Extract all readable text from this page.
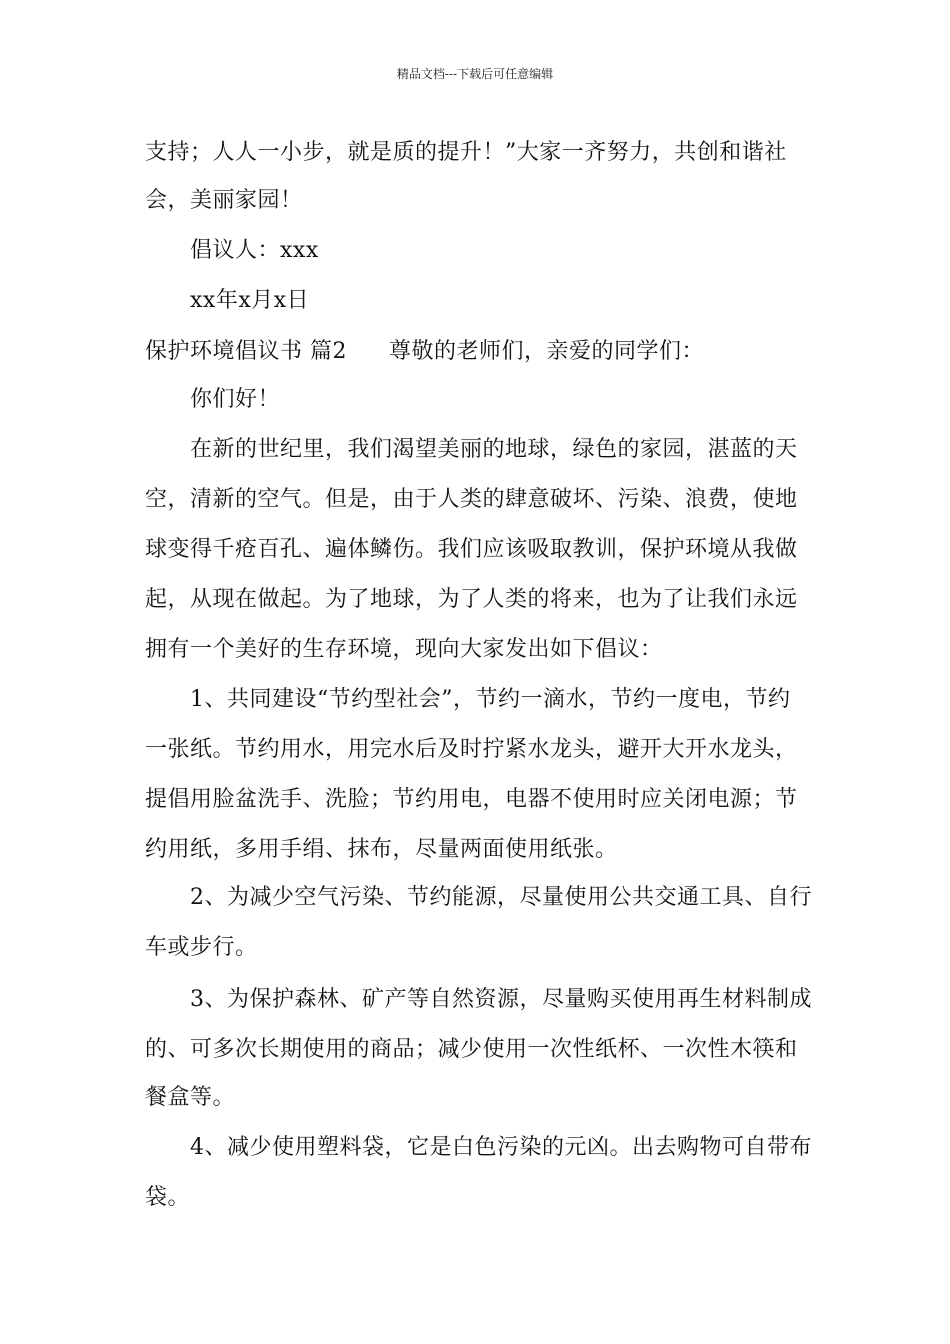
精品文档---下载后可任意编辑
支持；人人一小步，就是质的提升！”大家一齐努力，共创和谐社
会，美丽家园！
倡议人：xxx
xx年x月x日
保护环境倡议书 篇2 尊敬的老师们，亲爱的同学们：
你们好！
在新的世纪里，我们渴望美丽的地球，绿色的家园，湛蓝的天
空，清新的空气。但是，由于人类的肆意破坏、污染、浪费，使地
球变得千疮百孔、遍体鳞伤。我们应该吸取教训，保护环境从我做
起，从现在做起。为了地球，为了人类的将来，也为了让我们永远
拥有一个美好的生存环境，现向大家发出如下倡议：
1、共同建设“节约型社会”，节约一滴水，节约一度电，节约
一张纸。节约用水，用完水后及时拧紧水龙头，避开大开水龙头，
提倡用脸盆洗手、洗脸；节约用电，电器不使用时应关闭电源；节
约用纸，多用手绢、抹布，尽量两面使用纸张。
2、为减少空气污染、节约能源，尽量使用公共交通工具、自行
车或步行。
3、为保护森林、矿产等自然资源，尽量购买使用再生材料制成
的、可多次长期使用的商品；减少使用一次性纸杯、一次性木筷和
餐盒等。
4、减少使用塑料袋，它是白色污染的元凶。出去购物可自带布
袋。
